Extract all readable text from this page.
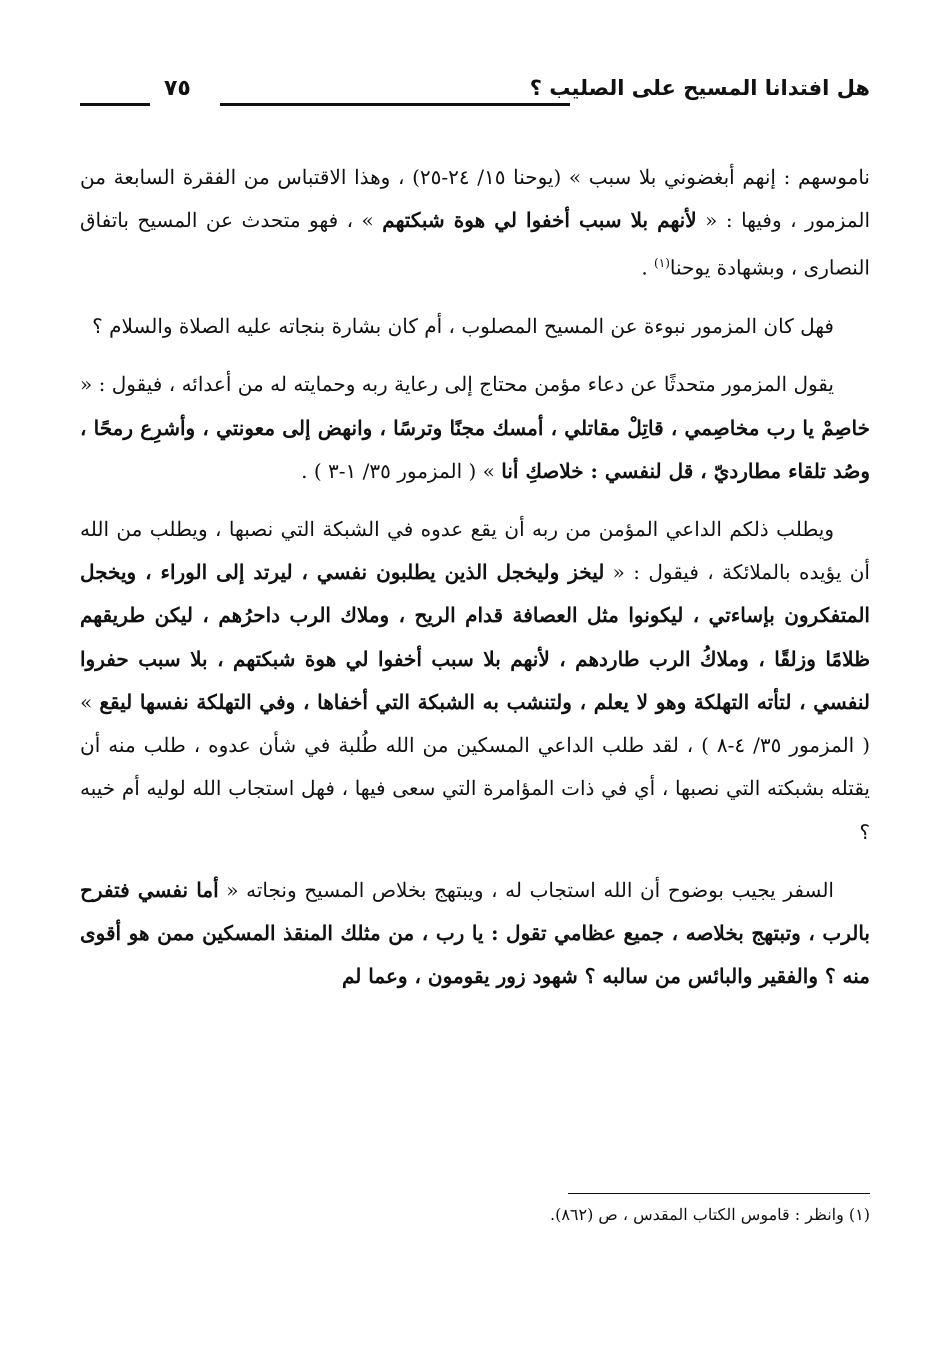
هل افتدانا المسيح على الصليب ؟
٧٥

ناموسهم : إنهم أبغضوني بلا سبب » (يوحنا ١٥/ ٢٤-٢٥) ، وهذا الاقتباس من الفقرة السابعة من المزمور ، وفيها : « لأنهم بلا سبب أخفوا لي هوة شبكتهم » ، فهو متحدث عن المسيح باتفاق النصارى ، وبشهادة يوحنا$^{(١)}$ .

فهل كان المزمور نبوءة عن المسيح المصلوب ، أم كان بشارة بنجاته عليه الصلاة والسلام ؟

يقول المزمور متحدثًا عن دعاء مؤمن محتاج إلى رعاية ربه وحمايته له من أعدائه ، فيقول : « خاصِمْ يا رب مخاصِمي ، قاتِلْ مقاتلي ، أمسك مجنًا وترسًا ، وانهض إلى معونتي ، وأشرِع رمحًا ، وصُد تلقاء مطارديّ ، قل لنفسي : خلاصكِ أنا » ( المزمور ٣٥/ ١-٣ ) .

ويطلب ذلكم الداعي المؤمن من ربه أن يقع عدوه في الشبكة التي نصبها ، ويطلب من الله أن يؤيده بالملائكة ، فيقول : « ليخز وليخجل الذين يطلبون نفسي ، ليرتد إلى الوراء ، ويخجل المتفكرون بإساءتي ، ليكونوا مثل العصافة قدام الريح ، وملاك الرب داحرُهم ، ليكن طريقهم ظلامًا وزلقًا ، وملاكُ الرب طاردهم ، لأنهم بلا سبب أخفوا لي هوة شبكتهم ، بلا سبب حفروا لنفسي ، لتأته التهلكة وهو لا يعلم ، ولتنشب به الشبكة التي أخفاها ، وفي التهلكة نفسها ليقع » ( المزمور ٣٥/ ٤-٨ ) ، لقد طلب الداعي المسكين من الله طُلبة في شأن عدوه ، طلب منه أن يقتله بشبكته التي نصبها ، أي في ذات المؤامرة التي سعى فيها ، فهل استجاب الله لوليه أم خيبه ؟

السفر يجيب بوضوح أن الله استجاب له ، ويبتهج بخلاص المسيح ونجاته « أما نفسي فتفرح بالرب ، وتبتهج بخلاصه ، جميع عظامي تقول : يا رب ، من مثلك المنقذ المسكين ممن هو أقوى منه ؟ والفقير والبائس من سالبه ؟ شهود زور يقومون ، وعما لم

(١) وانظر : قاموس الكتاب المقدس ، ص (٨٦٢).
